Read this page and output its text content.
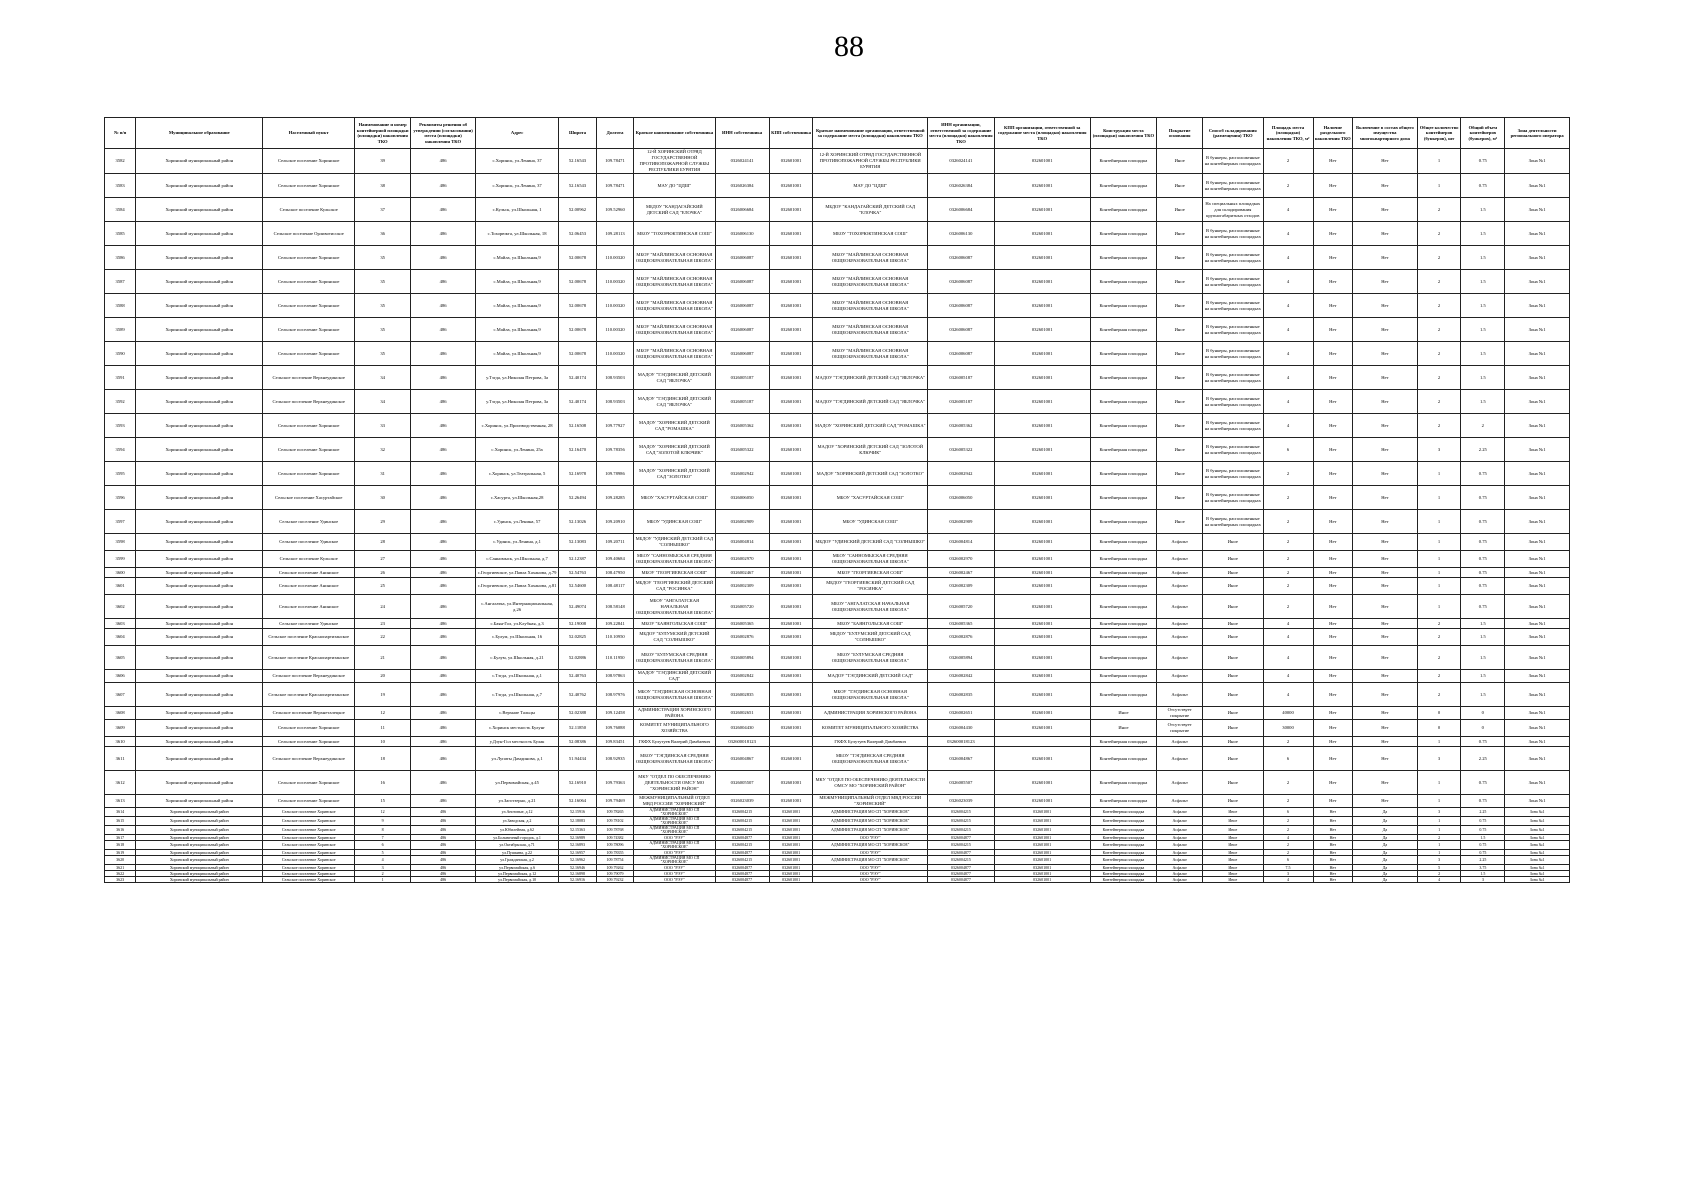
88
№ п/п	Муниципальное образование	Населенный пункт	Наименование и номер контейнерной площадки (площадки) накопления ТКО	Реквизиты решения об утверждении (согласовании) места (площадки) накопления ТКО	Адрес	Широта	Долгота	Краткое наименование собственника	ИНН собственника	КПП собственника	Краткое наименование организации, ответственной за содержание места (площадки) накопления ТКО	ИНН организации, ответственной за содержание места (площадки) накопления ТКО	КПП организации, ответственной за содержание места (площадки) накопления ТКО	Конструкция места (площадки) накопления ТКО	Покрытие основания	Способ складирования (размещения) ТКО	Площадь места (площадки) накопления ТКО, м²	Наличие раздельного накопления ТКО	Включение в состав общего имущества многоквартирного дома	Общее количество контейнеров (бункеров), шт	Общий объем контейнеров (бункеров), м³	Зона деятельности регионального оператора
3582	Хоринский муниципальный район	Сельское поселение Хоринское	39	486	с.Хоринск, ул.Ленина, 37	52.16543	109.78471	12-Й ХОРИНСКИЙ ОТРЯД ГОСУДАРСТВЕННОЙ ПРОТИВОПОЖАРНОЙ СЛУЖБЫ РЕСПУБЛИКИ БУРЯТИЯ	0326024141	032601001	12-Й ХОРИНСКИЙ ОТРЯД ГОСУДАРСТВЕННОЙ ПРОТИВОПОЖАРНОЙ СЛУЖБЫ РЕСПУБЛИКИ БУРЯТИЯ	0326024141	032601001	Контейнерная площадка	Иное	В бункеры, расположенные на контейнерных площадках	2	Нет	Нет	1	0.75	Зона №1
3583	Хоринский муниципальный район	Сельское поселение Хоринское	38	486	с.Хоринск, ул.Ленина, 37	52.16543	109.78471	МАУ ДО "ЦДШ"	0326026384	032601001	МАУ ДО "ЦДШ"	0326026384	032601001	Контейнерная площадка	Иное	В бункеры, расположенные на контейнерных площадках	2	Нет	Нет	1	0.75	Зона №1
3584	Хоринский муниципальный район	Сельское поселение Кульское	37	486	с.Кульск, ул.Школьная, 1	52.00962	109.52960	МБДОУ "КАНДАГАЙСКИЙ ДЕТСКИЙ САД "ЕЛОЧКА"	0326006684	032601001	МБДОУ "КАНДАГАЙСКИЙ ДЕТСКИЙ САД "ЕЛОЧКА"	0326006684	032601001	Контейнерная площадка	Иное	На специальных площадках для складирования крупногабаритных отходов	4	Нет	Нет	2	1.5	Зона №1
3585	Хоринский муниципальный район	Сельское поселение Орливотисское	36	486	с.Тохорюкта, ул.Школьная, 18	52.06453	109.28113	МБОУ "ТОХОРЮКТИНСКАЯ СОШ"	0326006130	032601001	МБОУ "ТОХОРЮКТИНСКАЯ СОШ"	0326006130	032601001	Контейнерная площадка	Иное	В бункеры, расположенные на контейнерных площадках	4	Нет	Нет	2	1.5	Зона №1
3586	Хоринский муниципальный район	Сельское поселение Хоринское	35	486	с.Майла, ул.Школьная,9	52.00678	110.00320	МБОУ "МАЙЛИНСКАЯ ОСНОВНАЯ ОБЩЕОБРАЗОВАТЕЛЬНАЯ ШКОЛА"	0326006087	032601001	МБОУ "МАЙЛИНСКАЯ ОСНОВНАЯ ОБЩЕОБРАЗОВАТЕЛЬНАЯ ШКОЛА"	0326006087	032601001	Контейнерная площадка	Иное	В бункеры, расположенные на контейнерных площадках	4	Нет	Нет	2	1.5	Зона №1
3587	Хоринский муниципальный район	Сельское поселение Хоринское	35	486	с.Майла, ул.Школьная,9	52.00678	110.00320	МБОУ "МАЙЛИНСКАЯ ОСНОВНАЯ ОБЩЕОБРАЗОВАТЕЛЬНАЯ ШКОЛА"	0326006087	032601001	МБОУ "МАЙЛИНСКАЯ ОСНОВНАЯ ОБЩЕОБРАЗОВАТЕЛЬНАЯ ШКОЛА"	0326006087	032601001	Контейнерная площадка	Иное	В бункеры, расположенные на контейнерных площадках	4	Нет	Нет	2	1.5	Зона №1
3588	Хоринский муниципальный район	Сельское поселение Хоринское	35	486	с.Майла, ул.Школьная,9	52.00678	110.00320	МБОУ "МАЙЛИНСКАЯ ОСНОВНАЯ ОБЩЕОБРАЗОВАТЕЛЬНАЯ ШКОЛА"	0326006087	032601001	МБОУ "МАЙЛИНСКАЯ ОСНОВНАЯ ОБЩЕОБРАЗОВАТЕЛЬНАЯ ШКОЛА"	0326006087	032601001	Контейнерная площадка	Иное	В бункеры, расположенные на контейнерных площадках	4	Нет	Нет	2	1.5	Зона №1
3589	Хоринский муниципальный район	Сельское поселение Хоринское	35	486	с.Майла, ул.Школьная,9	52.00678	110.00320	МБОУ "МАЙЛИНСКАЯ ОСНОВНАЯ ОБЩЕОБРАЗОВАТЕЛЬНАЯ ШКОЛА"	0326006087	032601001	МБОУ "МАЙЛИНСКАЯ ОСНОВНАЯ ОБЩЕОБРАЗОВАТЕЛЬНАЯ ШКОЛА"	0326006087	032601001	Контейнерная площадка	Иное	В бункеры, расположенные на контейнерных площадках	4	Нет	Нет	2	1.5	Зона №1
3590	Хоринский муниципальный район	Сельское поселение Хоринское	35	486	с.Майла, ул.Школьная,9	52.00678	110.00320	МБОУ "МАЙЛИНСКАЯ ОСНОВНАЯ ОБЩЕОБРАЗОВАТЕЛЬНАЯ ШКОЛА"	0326006087	032601001	МБОУ "МАЙЛИНСКАЯ ОСНОВНАЯ ОБЩЕОБРАЗОВАТЕЛЬНАЯ ШКОЛА"	0326006087	032601001	Контейнерная площадка	Иное	В бункеры, расположенные на контейнерных площадках	4	Нет	Нет	2	1.5	Зона №1
3591	Хоринский муниципальный район	Сельское поселение Верхнеудинское	34	486	у.Тэгда, ул.Николая Петрова, 3а	52.40174	108.93503	МАДОУ "ТЭГДИНСКИЙ ДЕТСКИЙ САД "ЯБЛОЧКА"	0326005187	032601001	МАДОУ "ТЭГДИНСКИЙ ДЕТСКИЙ САД "ЯБЛОЧКА"	0326005187	032601001	Контейнерная площадка	Иное	В бункеры, расположенные на контейнерных площадках	4	Нет	Нет	2	1.5	Зона №1
3592	Хоринский муниципальный район	Сельское поселение Верхнеудинское	34	486	у.Тэгда, ул.Николая Петрова, 3а	52.40174	108.93503	МАДОУ "ТЭГДИНСКИЙ ДЕТСКИЙ САД "ЯБЛОЧКА"	0326005187	032601001	МАДОУ "ТЭГДИНСКИЙ ДЕТСКИЙ САД "ЯБЛОЧКА"	0326005187	032601001	Контейнерная площадка	Иное	В бункеры, расположенные на контейнерных площадках	4	Нет	Нет	2	1.5	Зона №1
3593	Хоринский муниципальный район	Сельское поселение Хоринское	33	486	с.Хоринск, ул.Производственная, 28	52.16508	109.77927	МАДОУ "ХОРИНСКИЙ ДЕТСКИЙ САД "РОМАШКА"	0326005362	032601001	МАДОУ "ХОРИНСКИЙ ДЕТСКИЙ САД "РОМАШКА"	0326005362	032601001	Контейнерная площадка	Иное	В бункеры, расположенные на контейнерных площадках	4	Нет	Нет	2	2	Зона №1
3594	Хоринский муниципальный район	Сельское поселение Хоринское	32	486	с.Хоринск, ул.Ленина, 25а	52.16470	109.78356	МАДОУ "ХОРИНСКИЙ ДЕТСКИЙ САД "ЗОЛОТОЙ КЛЮЧИК"	0326005322	032601001	МАДОУ "ХОРИНСКИЙ ДЕТСКИЙ САД "ЗОЛОТОЙ КЛЮЧИК"	0326005322	032601001	Контейнерная площадка	Иное	В бункеры, расположенные на контейнерных площадках	6	Нет	Нет	3	2.25	Зона №1
3595	Хоринский муниципальный район	Сельское поселение Хоринское	31	486	с.Хоринск, ул.Театральная, 5	52.16978	109.78986	МАДОУ "ХОРИНСКИЙ ДЕТСКИЙ САД "ЗОЛОТКО"	0326002942	032601001	МАДОУ "ХОРИНСКИЙ ДЕТСКИЙ САД "ЗОЛОТКО"	0326002942	032601001	Контейнерная площадка	Иное	В бункеры, расположенные на контейнерных площадках	2	Нет	Нет	1	0.75	Зона №1
3596	Хоринский муниципальный район	Сельское поселение Хасуртайское	30	486	с.Хасурта, ул.Школьная,28	52.26494	109.28285	МБОУ "ХАСУРТАЙСКАЯ СОШ"	0326006050	032601001	МБОУ "ХАСУРТАЙСКАЯ СОШ"	0326006050	032601001	Контейнерная площадка	Иное	В бункеры, расположенные на контейнерных площадках	2	Нет	Нет	1	0.75	Зона №1
3597	Хоринский муниципальный район	Сельское поселение Удинское	29	486	с.Удинск, ул.Ленина, 57	52.13026	109.20910	МБОУ "УДИНСКАЯ СОШ"	0326002909	032601001	МБОУ "УДИНСКАЯ СОШ"	0326002909	032601001	Контейнерная площадка	Иное	В бункеры, расположенные на контейнерных площадках	2	Нет	Нет	1	0.75	Зона №1
3598	Хоринский муниципальный район	Сельское поселение Удинское	28	486	с.Удинск, ул.Ленина, д.1	52.13083	109.20711	МБДОУ "УДИНСКИЙ ДЕТСКИЙ САД "СОЛНЫШКО"	0326004814	032601001	МБДОУ "УДИНСКИЙ ДЕТСКИЙ САД "СОЛНЫШКО"	0326004814	032601001	Контейнерная площадка	Асфальт	Иное	2	Нет	Нет	1	0.75	Зона №1
3599	Хоринский муниципальный район	Сельское поселение Кульское	27	486	с.Санномыск, ул.Школьная, д.7	52.12387	109.40684	МБОУ "САННОМЫСКАЯ СРЕДНЯЯ ОБЩЕОБРАЗОВАТЕЛЬНАЯ ШКОЛА"	0326002970	032601001	МБОУ "САННОМЫСКАЯ СРЕДНЯЯ ОБЩЕОБРАЗОВАТЕЛЬНАЯ ШКОЛА"	0326002970	032601001	Контейнерная площадка	Асфальт	Иное	2	Нет	Нет	1	0.75	Зона №1
3600	Хоринский муниципальный район	Сельское поселение Анинское	26	486	с.Георгиевское, ул.Павла Хаханова, д.79	52.54763	108.47950	МБОУ "ГЕОРГИЕВСКАЯ СОШ"	0326002467	032601001	МБОУ "ГЕОРГИЕВСКАЯ СОШ"	0326002467	032601001	Контейнерная площадка	Асфальт	Иное	2	Нет	Нет	1	0.75	Зона №1
3601	Хоринский муниципальный район	Сельское поселение Анинское	25	486	с.Георгиевское, ул.Павла Хаханова, д.81	52.54600	108.48117	МБДОУ "ГЕОРГИЕВСКИЙ ДЕТСКИЙ САД "РОСИНКА"	0326002309	032601001	МБДОУ "ГЕОРГИЕВСКИЙ ДЕТСКИЙ САД "РОСИНКА"	0326002309	032601001	Контейнерная площадка	Асфальт	Иное	2	Нет	Нет	1	0.75	Зона №1
3602	Хоринский муниципальный район	Сельское поселение Анинское	24	486	с.Ангалатка, ул.Интернациональная, д.26	52.49074	108.58148	МБОУ "АНГАЛАТСКАЯ НАЧАЛЬНАЯ ОБЩЕОБРАЗОВАТЕЛЬНАЯ ШКОЛА"	0326005720	032601001	МБОУ "АНГАЛАТСКАЯ НАЧАЛЬНАЯ ОБЩЕОБРАЗОВАТЕЛЬНАЯ ШКОЛА"	0326005720	032601001	Контейнерная площадка	Асфальт	Иное	2	Нет	Нет	1	0.75	Зона №1
3603	Хоринский муниципальный район	Сельское поселение Удинское	23	486	с.Баян-Гол, ул.Клубная, д.3	52.19008	109.22841	МБОУ "БАЯНГОЛЬСКАЯ СОШ"	0326005365	032601001	МБОУ "БАЯНГОЛЬСКАЯ СОШ"	0326005365	032601001	Контейнерная площадка	Асфальт	Иное	4	Нет	Нет	2	1.5	Зона №1
3604	Хоринский муниципальный район	Сельское поселение Краснопартизанское	22	486	с.Булум, ул.Школьная, 16	52.02825	110.10950	МБДОУ "БУЛУМСКИЙ ДЕТСКИЙ САД "СОЛНЫШКО"	0326002876	032601001	МБДОУ "БУЛУМСКИЙ ДЕТСКИЙ САД "СОЛНЫШКО"	0326002876	032601001	Контейнерная площадка	Асфальт	Иное	4	Нет	Нет	2	1.5	Зона №1
3605	Хоринский муниципальный район	Сельское поселение Краснопартизанское	21	486	с.Булум, ул.Школьная, д.21	52.02886	110.11950	МБОУ "БУЛУМСКАЯ СРЕДНЯЯ ОБЩЕОБРАЗОВАТЕЛЬНАЯ ШКОЛА"	0326005894	032601001	МБОУ "БУЛУМСКАЯ СРЕДНЯЯ ОБЩЕОБРАЗОВАТЕЛЬНАЯ ШКОЛА"	0326005894	032601001	Контейнерная площадка	Асфальт	Иное	4	Нет	Нет	2	1.5	Зона №1
3606	Хоринский муниципальный район	Сельское поселение Верхнеудинское	20	486	с.Тэгда, ул.Школьная, д.1	52.40763	108.97863	МАДОУ "ТЭГДИНСКИЙ ДЕТСКИЙ САД"	0326002842	032601001	МАДОУ "ТЭГДИНСКИЙ ДЕТСКИЙ САД"	0326002842	032601001	Контейнерная площадка	Асфальт	Иное	4	Нет	Нет	2	1.5	Зона №1
3607	Хоринский муниципальный район	Сельское поселение Краснопартизанское	19	486	с.Тэгда, ул.Школьная, д.7	52.40762	108.97976	МБОУ "ТЭГДИНСКАЯ ОСНОВНАЯ ОБЩЕОБРАЗОВАТЕЛЬНАЯ ШКОЛА"	0326002835	032601001	МБОУ "ТЭГДИНСКАЯ ОСНОВНАЯ ОБЩЕОБРАЗОВАТЕЛЬНАЯ ШКОЛА"	0326002835	032601001	Контейнерная площадка	Асфальт	Иное	4	Нет	Нет	2	1.5	Зона №1
3608	Хоринский муниципальный район	Сельское поселение Верхнеталецкое	12	486	с.Верхние Тальцы	52.02388	109.12458	АДМИНИСТРАЦИЯ ХОРИНСКОГО РАЙОНА	0326002651	032601001	АДМИНИСТРАЦИЯ ХОРИНСКОГО РАЙОНА	0326002651	032601001	Иное	Отсутствует покрытие	Иное	40000	Нет	Нет	0	0	Зона №1
3609	Хоринский муниципальный район	Сельское поселение Хоринское	11	486	с.Хоринск местность Булунг	52.11850	109.76088	КОМИТЕТ МУНИЦИПАЛЬНОГО ХОЗЯЙСТВА	0326004430	032601001	КОМИТЕТ МУНИЦИПАЛЬНОГО ХОЗЯЙСТВА	0326004430	032601001	Иное	Отсутствует покрытие	Иное	30000	Нет	Нет	0	0	Зона №1
3610	Хоринский муниципальный район	Сельское поселение Хоринское	10	486	у.Дзун-Гол местность Булак	52.08386	109.83451	ГКФХ Булутуев Валерий Дамбаевич	032600018123		ГКФХ Булутуев Валерий Дамбаевич	032600018123		Контейнерная площадка	Асфальт	Иное	2	Нет	Нет	1	0.75	Зона №1
3611	Хоринский муниципальный район	Сельское поселение Верхнеудинское	18	486	ул.Лупаты Дамдинова, д.1	51.94434	108.92935	МБОУ "ТЭГДИНСКАЯ СРЕДНЯЯ ОБЩЕОБРАЗОВАТЕЛЬНАЯ ШКОЛА"	0326004867	032601001	МБОУ "ТЭГДИНСКАЯ СРЕДНЯЯ ОБЩЕОБРАЗОВАТЕЛЬНАЯ ШКОЛА"	0326004867	032601001	Контейнерная площадка	Асфальт	Иное	6	Нет	Нет	3	2.25	Зона №1
3612	Хоринский муниципальный район	Сельское поселение Хоринское	16	486	ул.Первомайская, д.45	52.16910	109.79363	МКУ "ОТДЕЛ ПО ОБЕСПЕЧЕНИЮ ДЕЯТЕЛЬНОСТИ ОМСУ МО "ХОРИНСКИЙ РАЙОН"	0326005507	032601001	МКУ "ОТДЕЛ ПО ОБЕСПЕЧЕНИЮ ДЕЯТЕЛЬНОСТИ ОМСУ МО "ХОРИНСКИЙ РАЙОН"	0326005507	032601001	Контейнерная площадка	Асфальт	Иное	2	Нет	Нет	1	0.75	Зона №1
3613	Хоринский муниципальный район	Сельское поселение Хоринское	15	486	ул.Заготзерно, д.21	52.16064	109.79469	МЕЖМУНИЦИПАЛЬНЫЙ ОТДЕЛ МВД РОССИИ "ХОРИНСКИЙ"	0326023039	032601001	МЕЖМУНИЦИПАЛЬНЫЙ ОТДЕЛ МВД РОССИИ "ХОРИНСКИЙ"	0326023039	032601001	Контейнерная площадка	Асфальт	Иное	2	Нет	Нет	1	0.75	Зона №1
3614	Хоринский муниципальный район	Сельское поселение Хоринское	12	486	ул.Анотовые, д.12	52.15916	109.78265	АДМИНИСТРАЦИЯ МО СП "ХОРИНСКОЕ"	0326004215	032601001	АДМИНИСТРАЦИЯ МО СП "ХОРИНСКОЕ"	0326004215	032601001	Контейнерная площадка	Асфальт	Иное	6	Нет	Да	3	2.25	Зона №1
3615	Хоринский муниципальный район	Сельское поселение Хоринское	9	486	ул.Заводская, д.2	52.18083	109.78102	АДМИНИСТРАЦИЯ МО СП "ХОРИНСКОЕ"	0326004215	032601001	АДМИНИСТРАЦИЯ МО СП "ХОРИНСКОЕ"	0326004215	032601001	Контейнерная площадка	Асфальт	Иное	2	Нет	Да	1	0.75	Зона №1
3616	Хоринский муниципальный район	Сельское поселение Хоринское	8	486	ул.Юбилейная, д.62	52.15363	109.78768	АДМИНИСТРАЦИЯ МО СП "ХОРИНСКОЕ"	0326004215	032601001	АДМИНИСТРАЦИЯ МО СП "ХОРИНСКОЕ"	0326004215	032601001	Контейнерная площадка	Асфальт	Иное	2	Нет	Да	1	0.75	Зона №1
3617	Хоринский муниципальный район	Сельское поселение Хоринское	7	486	ул.Больничный городок, д.1	52.16989	109.74382	ООО "РЭУ"	0326004877	032601001	ООО "РЭУ"	0326004877	032601001	Контейнерная площадка	Асфальт	Иное	4	Нет	Да	2	1.5	Зона №1
3618	Хоринский муниципальный район	Сельское поселение Хоринское	6	486	ул.Октябрьская, д.71	52.16893	109.78096	АДМИНИСТРАЦИЯ МО СП "ХОРИНСКОЕ"	0326004215	032601001	АДМИНИСТРАЦИЯ МО СП "ХОРИНСКОЕ"	0326004215	032601001	Контейнерная площадка	Асфальт	Иное	2	Нет	Да	1	0.75	Зона №1
3619	Хоринский муниципальный район	Сельское поселение Хоринское	5	486	ул.Пушкина, д.22	52.16957	109.78355	ООО "РЭУ"	0326004877	032601001	ООО "РЭУ"	0326004877	032601001	Контейнерная площадка	Асфальт	Иное	2	Нет	Да	1	0.75	Зона №1
3620	Хоринский муниципальный район	Сельское поселение Хоринское	4	486	ул.Гражданская, д.2	52.16962	109.78754	АДМИНИСТРАЦИЯ МО СП "ХОРИНСКОЕ"	0326004215	032601001	АДМИНИСТРАЦИЯ МО СП "ХОРИНСКОЕ"	0326004215	032601001	Контейнерная площадка	Асфальт	Иное	6	Нет	Да	3	2.25	Зона №1
3621	Хоринский муниципальный район	Сельское поселение Хоринское	3	486	ул.Первомайская, д.6	52.16946	109.79262	ООО "РЭУ"	0326004877	032601001	ООО "РЭУ"	0326004877	032601001	Контейнерная площадка	Асфальт	Иное	7.5	Нет	Да	5	3.75	Зона №1
3622	Хоринский муниципальный район	Сельское поселение Хоринское	2	486	ул.Первомайская, д.12	52.16898	109.79079	ООО "РЭУ"	0326004877	032601001	ООО "РЭУ"	0326004877	032601001	Контейнерная площадка	Асфальт	Иное	3	Нет	Да	2	1.5	Зона №1
3623	Хоринский муниципальный район	Сельское поселение Хоринское	1	486	ул.Первомайская, д.10	52.16916	109.79232	ООО "РЭУ"	0326004877	032601001	ООО "РЭУ"	0326004877	032601001	Контейнерная площадка	Асфальт	Иное	4	Нет	Да	4	3	Зона №1
